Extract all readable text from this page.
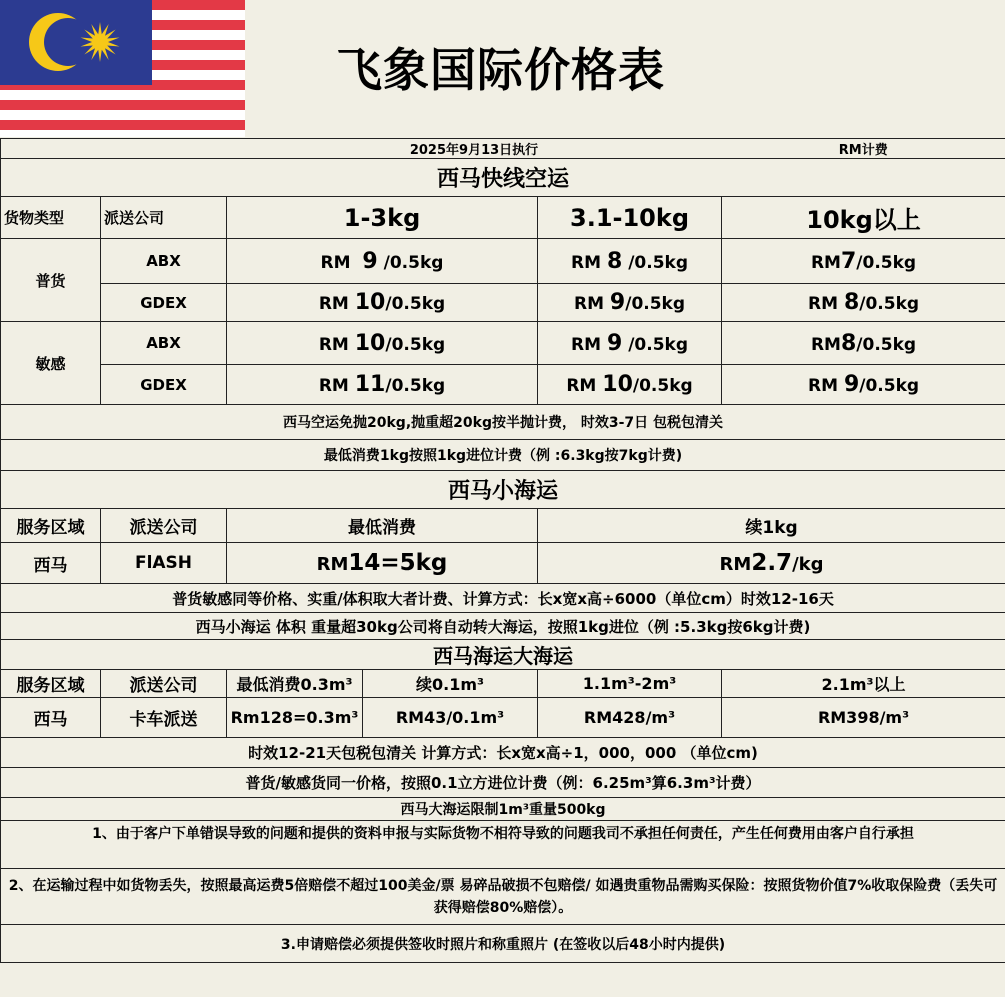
飞象国际价格表
		2025年9月13日执行			RM计费
西马快线空运					
货物类型	派送公司	1-3kg		3.1-10kg	10kg以上
普货	ABX	RM  9 /0.5kg		RM 8 /0.5kg	RM7/0.5kg
	GDEX	RM 10/0.5kg		RM 9/0.5kg	RM 8/0.5kg
敏感	ABX	RM 10/0.5kg		RM 9 /0.5kg	RM8/0.5kg
	GDEX	RM 11/0.5kg		RM 10/0.5kg	RM 9/0.5kg
西马空运免抛20kg,抛重超20kg按半抛计费， 时效3-7日 包税包清关					
最低消费1kg按照1kg进位计费（例 :6.3kg按7kg计费)					
西马小海运					
服务区域	派送公司	最低消费		续1kg	
西马	FlASH	RM14=5kg		RM2.7/kg	
普货敏感同等价格、实重/体积取大者计费、计算方式：长x宽x高÷6000（单位cm）时效12-16天					
西马小海运 体积 重量超30kg公司将自动转大海运，按照1kg进位（例 :5.3kg按6kg计费)					
西马海运大海运					
服务区域	派送公司	最低消费0.3m³	续0.1m³	1.1m³-2m³	2.1m³以上
西马	卡车派送	Rm128=0.3m³	RM43/0.1m³	RM428/m³	RM398/m³
时效12-21天包税包清关 计算方式：长x宽x高÷1，000，000 （单位cm)					
普货/敏感货同一价格，按照0.1立方进位计费（例：6.25m³算6.3m³计费）					
西马大海运限制1m³重量500kg					
1、由于客户下单错误导致的问题和提供的资料申报与实际货物不相符导致的问题我司不承担任何责任，产生任何费用由客户自行承担					
2、在运输过程中如货物丢失，按照最高运费5倍赔偿不超过100美金/票 易碎品破损不包赔偿/ 如遇贵重物品需购买保险：按照货物价值7%收取保险费（丢失可获得赔偿80%赔偿）。					
3.申请赔偿必须提供签收时照片和称重照片 (在签收以后48小时内提供)					
